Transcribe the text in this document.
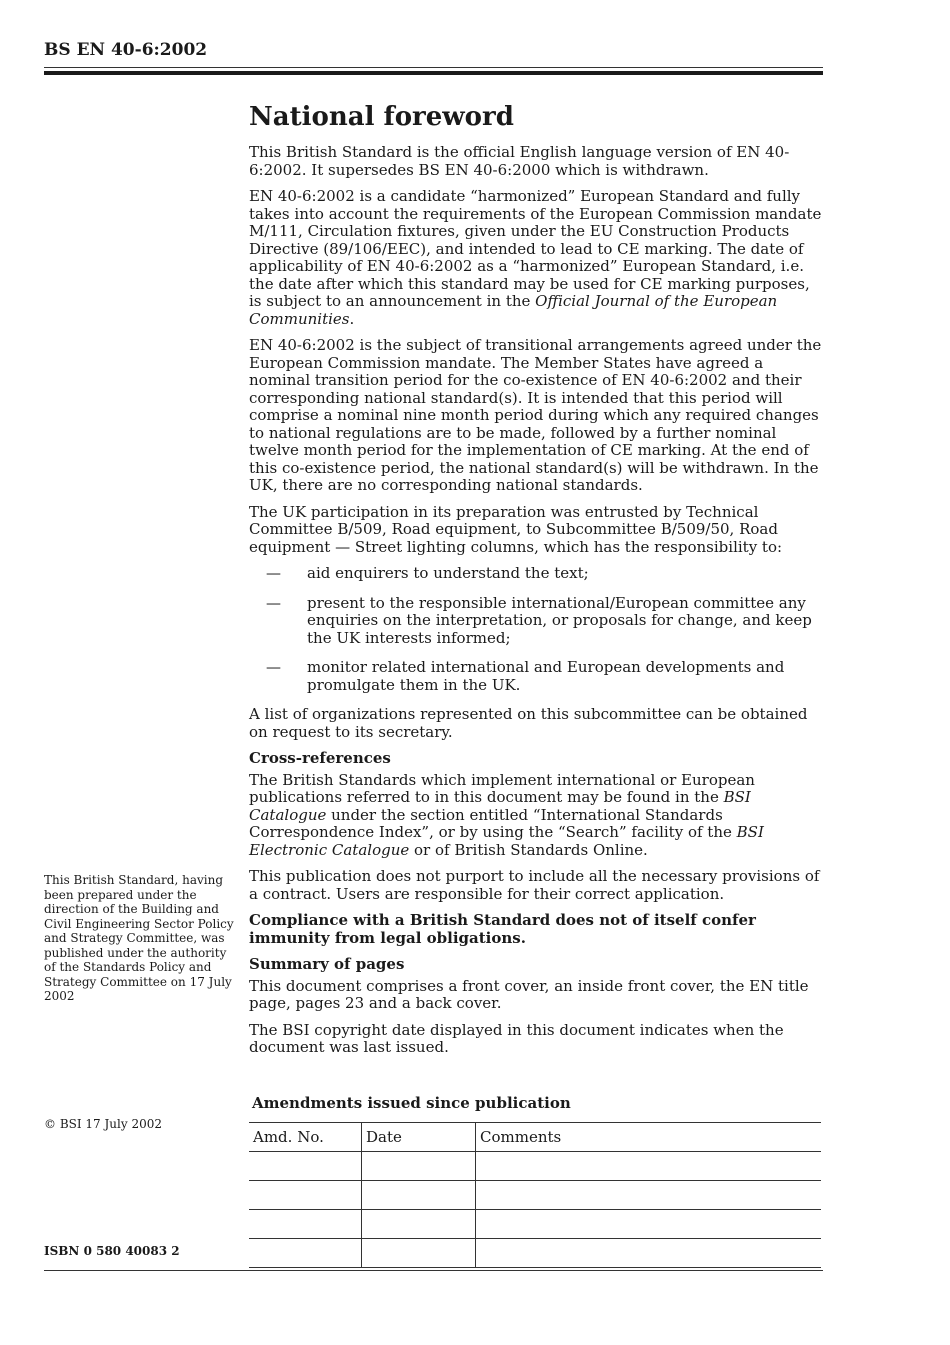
BS EN 40-6:2002
National foreword

This British Standard is the official English language version of EN 40-6:2002. It supersedes BS EN 40-6:2000 which is withdrawn.

EN 40-6:2002 is a candidate “harmonized” European Standard and fully takes into account the requirements of the European Commission mandate M/111, Circulation fixtures, given under the EU Construction Products Directive (89/106/EEC), and intended to lead to CE marking. The date of applicability of EN 40-6:2002 as a “harmonized” European Standard, i.e. the date after which this standard may be used for CE marking purposes, is subject to an announcement in the Official Journal of the European Communities.

EN 40-6:2002 is the subject of transitional arrangements agreed under the European Commission mandate. The Member States have agreed a nominal transition period for the co-existence of EN 40-6:2002 and their corresponding national standard(s). It is intended that this period will comprise a nominal nine month period during which any required changes to national regulations are to be made, followed by a further nominal twelve month period for the implementation of CE marking. At the end of this co-existence period, the national standard(s) will be withdrawn. In the UK, there are no corresponding national standards.

The UK participation in its preparation was entrusted by Technical Committee B/509, Road equipment, to Subcommittee B/509/50, Road equipment — Street lighting columns, which has the responsibility to:

— aid enquirers to understand the text;
— present to the responsible international/European committee any enquiries on the interpretation, or proposals for change, and keep the UK interests informed;
— monitor related international and European developments and promulgate them in the UK.

A list of organizations represented on this subcommittee can be obtained on request to its secretary.

Cross-references

The British Standards which implement international or European publications referred to in this document may be found in the BSI Catalogue under the section entitled “International Standards Correspondence Index”, or by using the “Search” facility of the BSI Electronic Catalogue or of British Standards Online.

This publication does not purport to include all the necessary provisions of a contract. Users are responsible for their correct application.

Compliance with a British Standard does not of itself confer immunity from legal obligations.

Summary of pages

This document comprises a front cover, an inside front cover, the EN title page, pages 23 and a back cover.

The BSI copyright date displayed in this document indicates when the document was last issued.

This British Standard, having been prepared under the direction of the Building and Civil Engineering Sector Policy and Strategy Committee, was published under the authority of the Standards Policy and Strategy Committee on 17 July 2002
© BSI 17 July 2002
ISBN 0 580 40083 2
Amendments issued since publication
Amd. No.	Date	Comments
